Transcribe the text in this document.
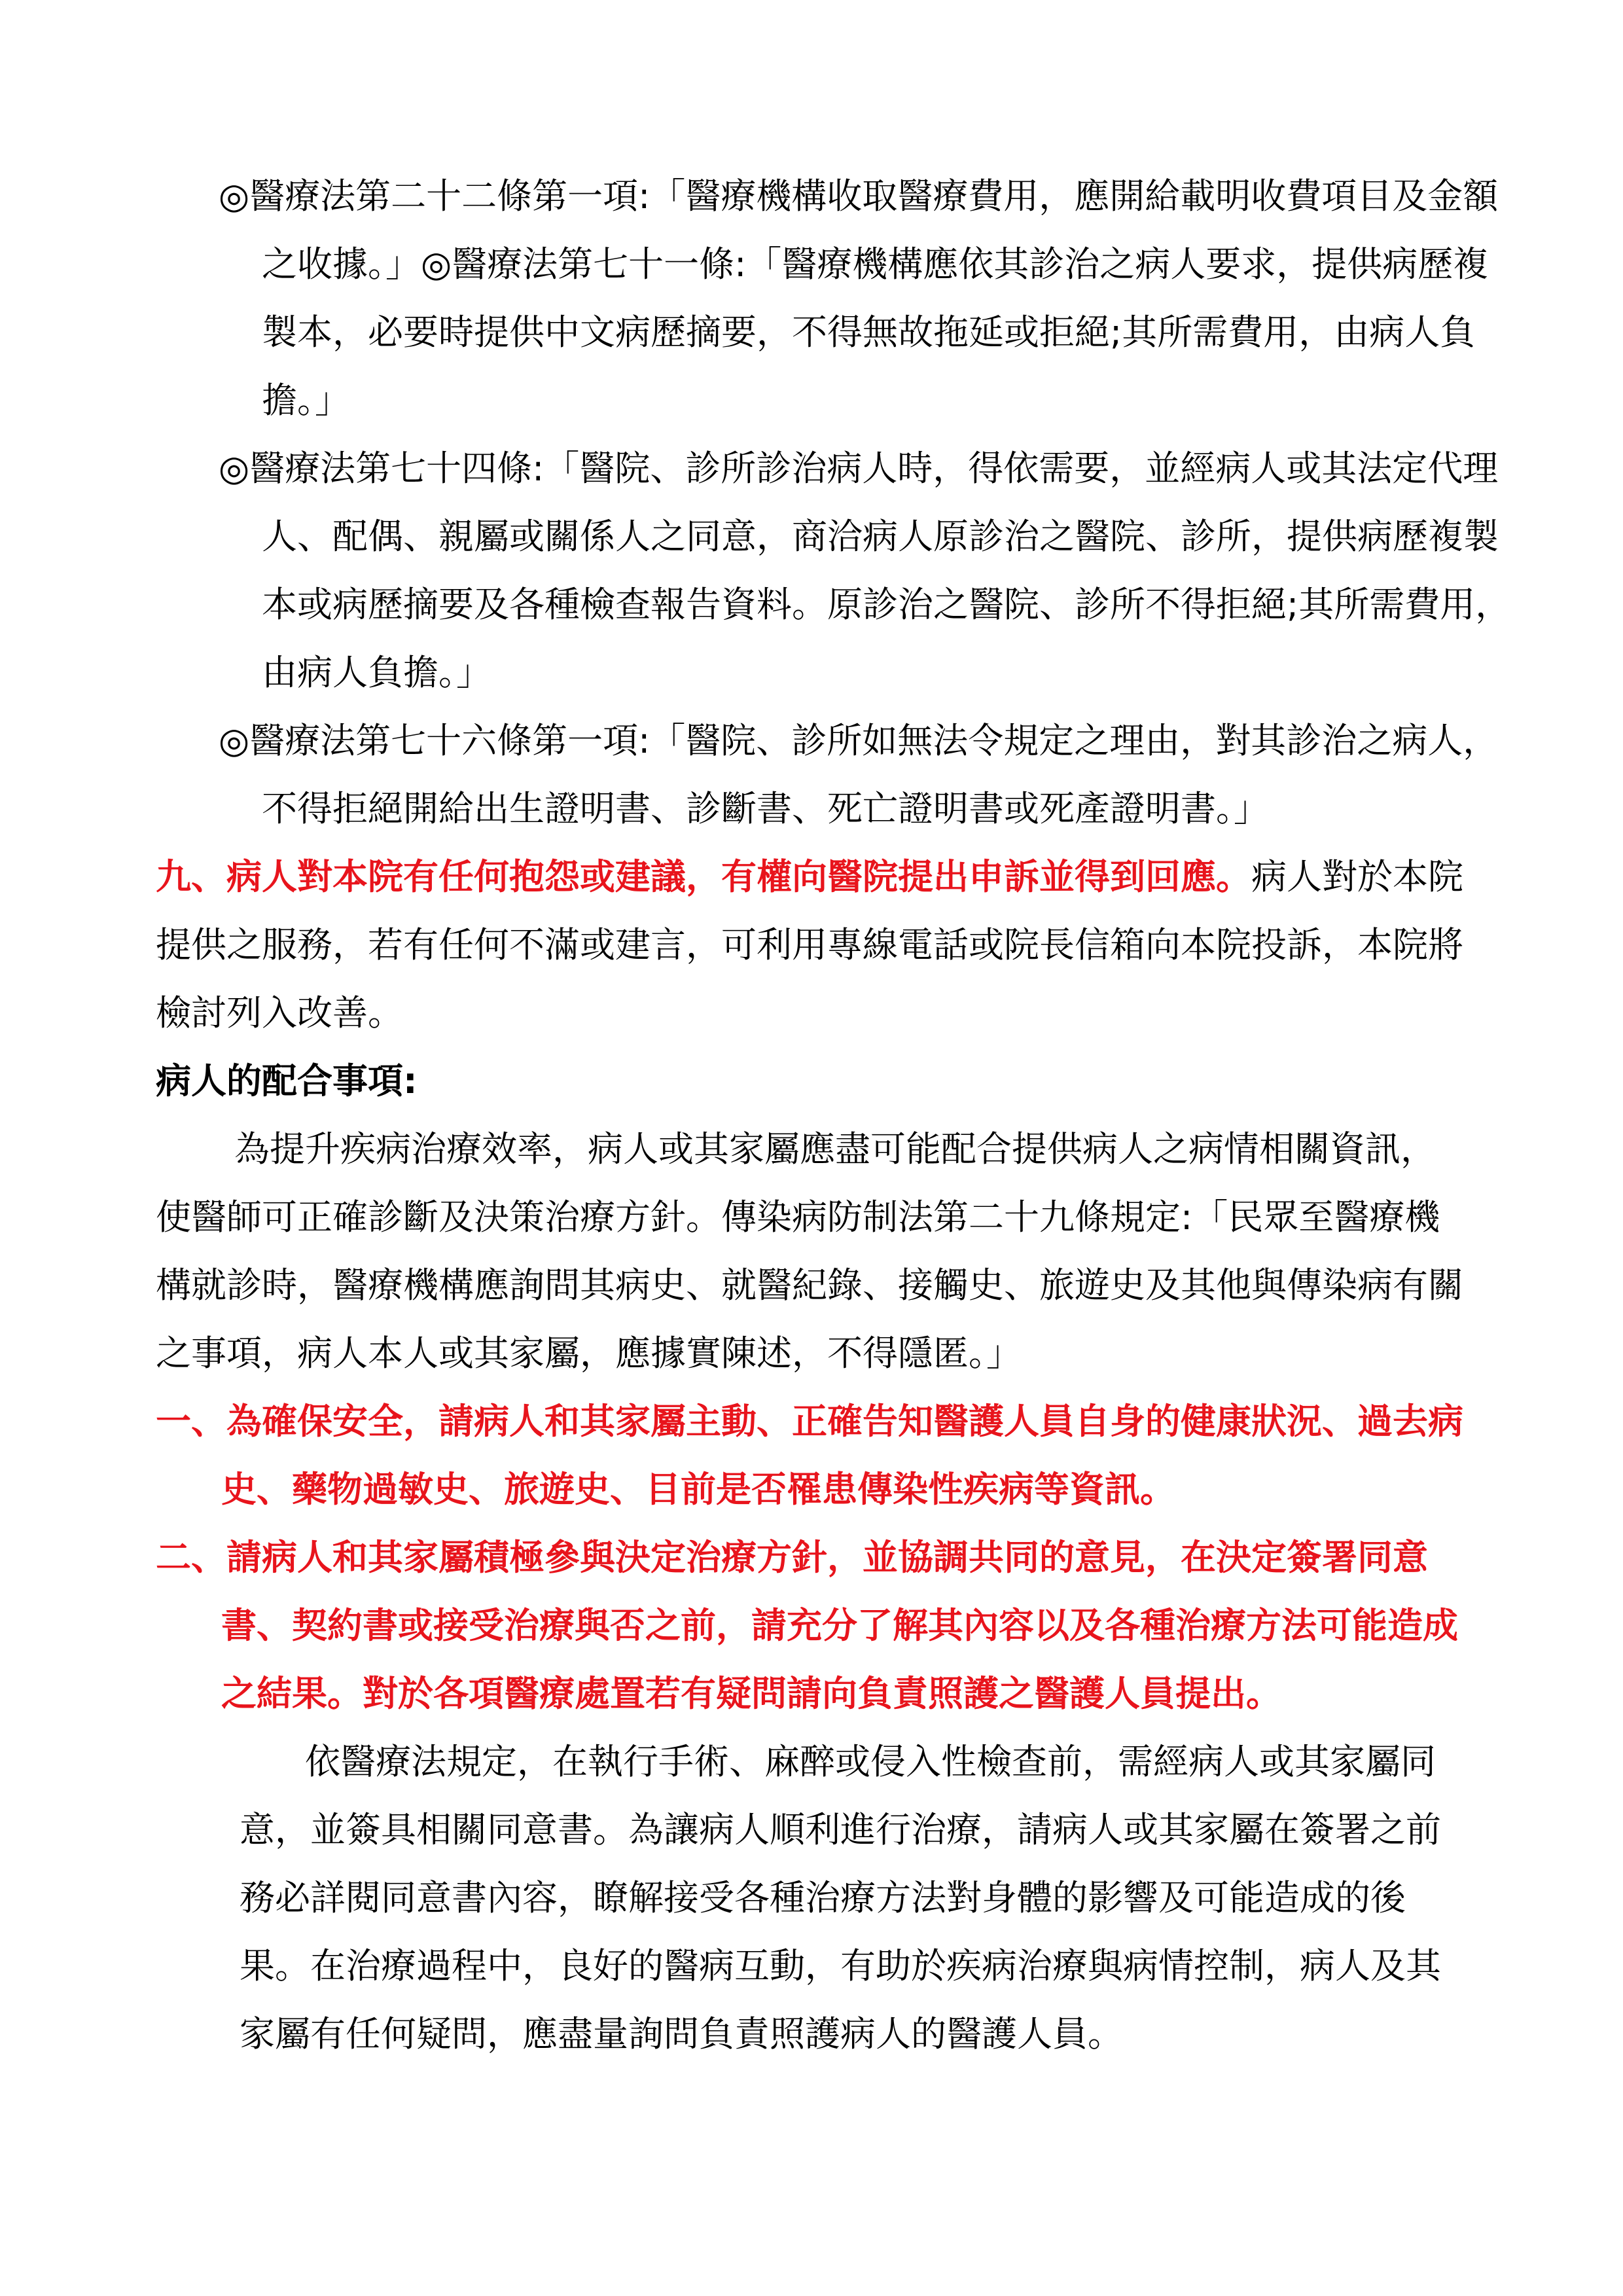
◎醫療法第二十二條第一項:「醫療機構收取醫療費用，應開給載明收費項目及金額之收據。」◎醫療法第七十一條:「醫療機構應依其診治之病人要求，提供病歷複製本，必要時提供中文病歷摘要，不得無故拖延或拒絕;其所需費用，由病人負擔。」

◎醫療法第七十四條:「醫院、診所診治病人時，得依需要，並經病人或其法定代理人、配偶、親屬或關係人之同意，商洽病人原診治之醫院、診所，提供病歷複製本或病歷摘要及各種檢查報告資料。原診治之醫院、診所不得拒絕;其所需費用，由病人負擔。」

◎醫療法第七十六條第一項:「醫院、診所如無法令規定之理由，對其診治之病人，不得拒絕開給出生證明書、診斷書、死亡證明書或死產證明書。」

九、病人對本院有任何抱怨或建議，有權向醫院提出申訴並得到回應。病人對於本院提供之服務，若有任何不滿或建言，可利用專線電話或院長信箱向本院投訴，本院將檢討列入改善。

病人的配合事項:

為提升疾病治療效率，病人或其家屬應盡可能配合提供病人之病情相關資訊，使醫師可正確診斷及決策治療方針。傳染病防制法第二十九條規定:「民眾至醫療機構就診時，醫療機構應詢問其病史、就醫紀錄、接觸史、旅遊史及其他與傳染病有關之事項，病人本人或其家屬，應據實陳述，不得隱匿。」

一、為確保安全，請病人和其家屬主動、正確告知醫護人員自身的健康狀況、過去病史、藥物過敏史、旅遊史、目前是否罹患傳染性疾病等資訊。

二、請病人和其家屬積極參與決定治療方針，並協調共同的意見，在決定簽署同意書、契約書或接受治療與否之前，請充分了解其內容以及各種治療方法可能造成之結果。對於各項醫療處置若有疑問請向負責照護之醫護人員提出。

依醫療法規定，在執行手術、麻醉或侵入性檢查前，需經病人或其家屬同意，並簽具相關同意書。為讓病人順利進行治療，請病人或其家屬在簽署之前務必詳閱同意書內容，瞭解接受各種治療方法對身體的影響及可能造成的後果。在治療過程中，良好的醫病互動，有助於疾病治療與病情控制，病人及其家屬有任何疑問，應盡量詢問負責照護病人的醫護人員。
